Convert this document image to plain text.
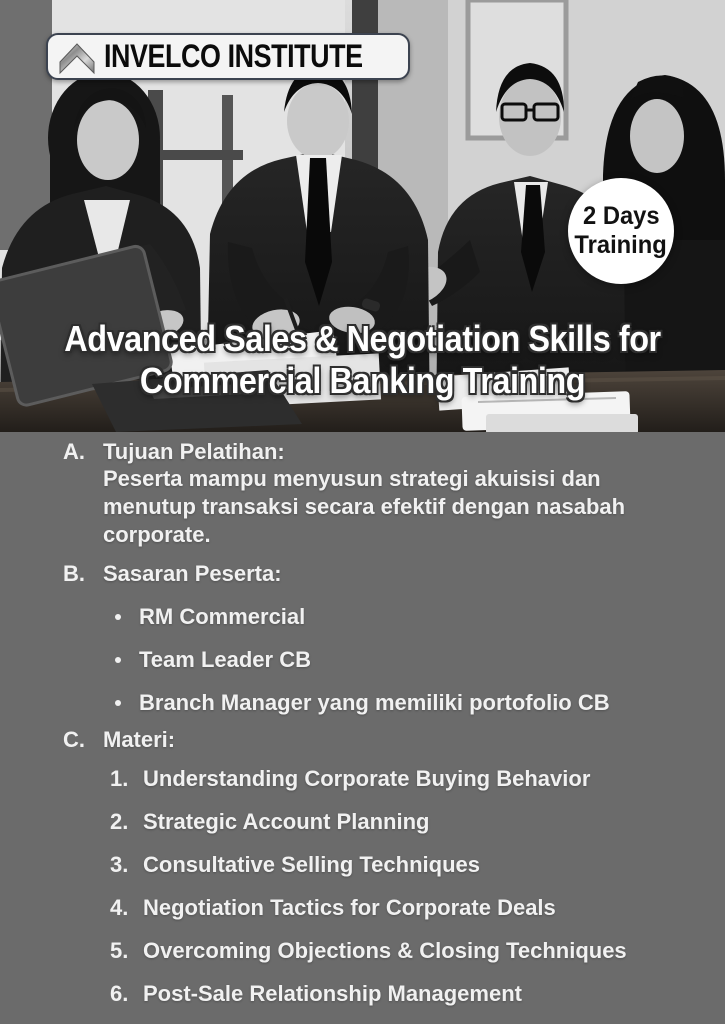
INVELCO INSTITUTE
2 Days
Training
Advanced Sales & Negotiation Skills for
Commercial Banking Training
A. Tujuan Pelatihan:
Peserta mampu menyusun strategi akuisisi dan
menutup transaksi secara efektif dengan nasabah
corporate.
B. Sasaran Peserta:
RM Commercial
Team Leader CB
Branch Manager yang memiliki portofolio CB
C. Materi:
1. Understanding Corporate Buying Behavior
2. Strategic Account Planning
3. Consultative Selling Techniques
4. Negotiation Tactics for Corporate Deals
5. Overcoming Objections & Closing Techniques
6. Post-Sale Relationship Management
